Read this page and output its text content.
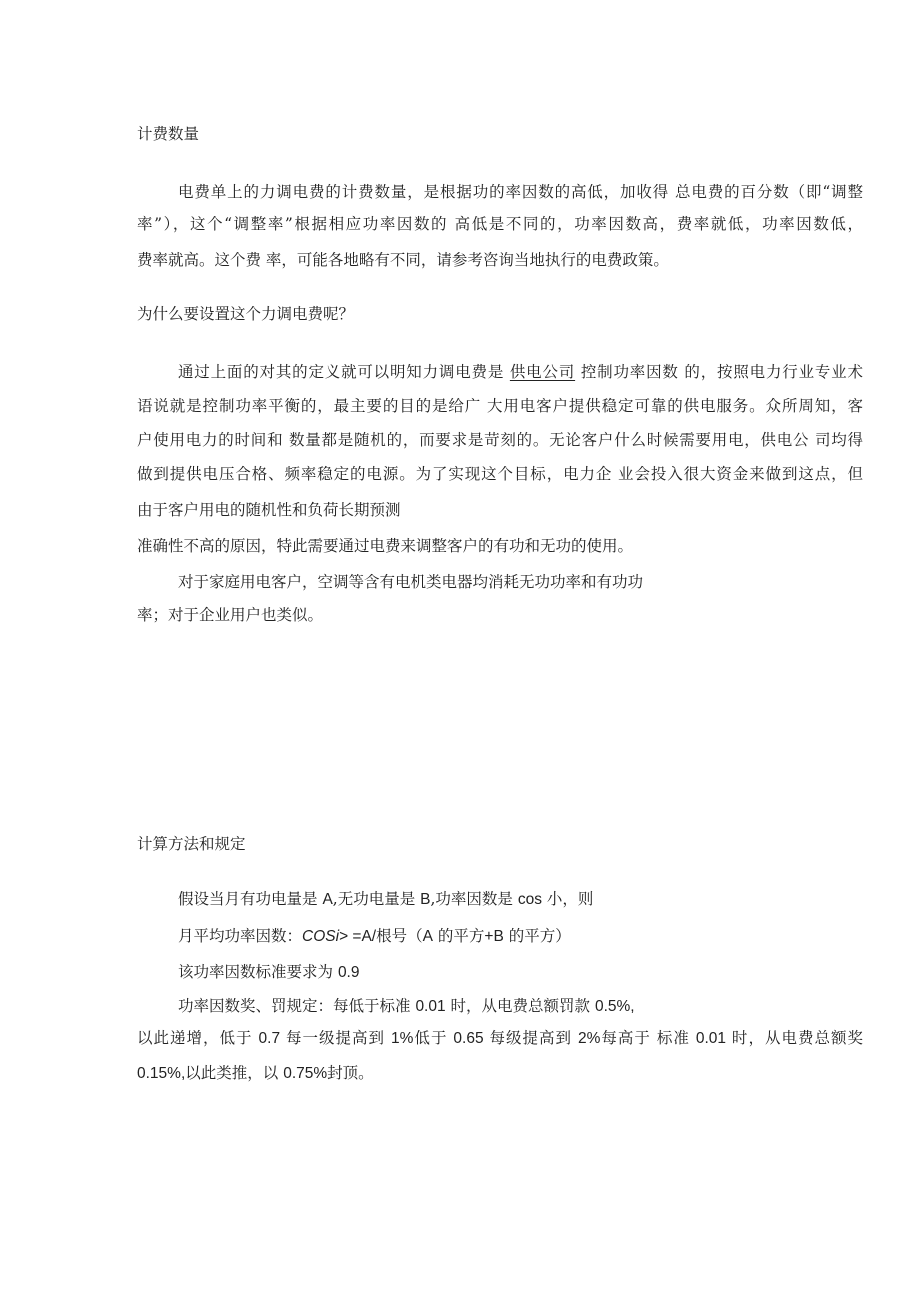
计费数量
电费单上的力调电费的计费数量，是根据功的率因数的高低，加收得 总电费的百分数（即“调整
率”），这个“调整率”根据相应功率因数的 高低是不同的，功率因数高，费率就低，功率因数低，
费率就高。这个费 率，可能各地略有不同，请参考咨询当地执行的电费政策。
为什么要设置这个力调电费呢？
通过上面的对其的定义就可以明知力调电费是 供电公司 控制功率因数 的，按照电力行业专业术
语说就是控制功率平衡的，最主要的目的是给广 大用电客户提供稳定可靠的供电服务。众所周知，客
户使用电力的时间和 数量都是随机的，而要求是苛刻的。无论客户什么时候需要用电，供电公 司均得
做到提供电压合格、频率稳定的电源。为了实现这个目标，电力企 业会投入很大资金来做到这点，但
由于客户用电的随机性和负荷长期预测
准确性不高的原因，特此需要通过电费来调整客户的有功和无功的使用。
对于家庭用电客户，空调等含有电机类电器均消耗无功功率和有功功
率；对于企业用户也类似。
计算方法和规定
假设当月有功电量是 A,无功电量是 B,功率因数是 cos 小，则
月平均功率因数：COSi> =A/根号（A 的平方+B 的平方）
该功率因数标准要求为 0.9
功率因数奖、罚规定：每低于标准 0.01 时，从电费总额罚款 0.5%,
以此递增，低于 0.7 每一级提高到 1%低于 0.65 每级提高到 2%每高于 标准 0.01 时，从电费总额奖
0.15%,以此类推，以 0.75%封顶。
